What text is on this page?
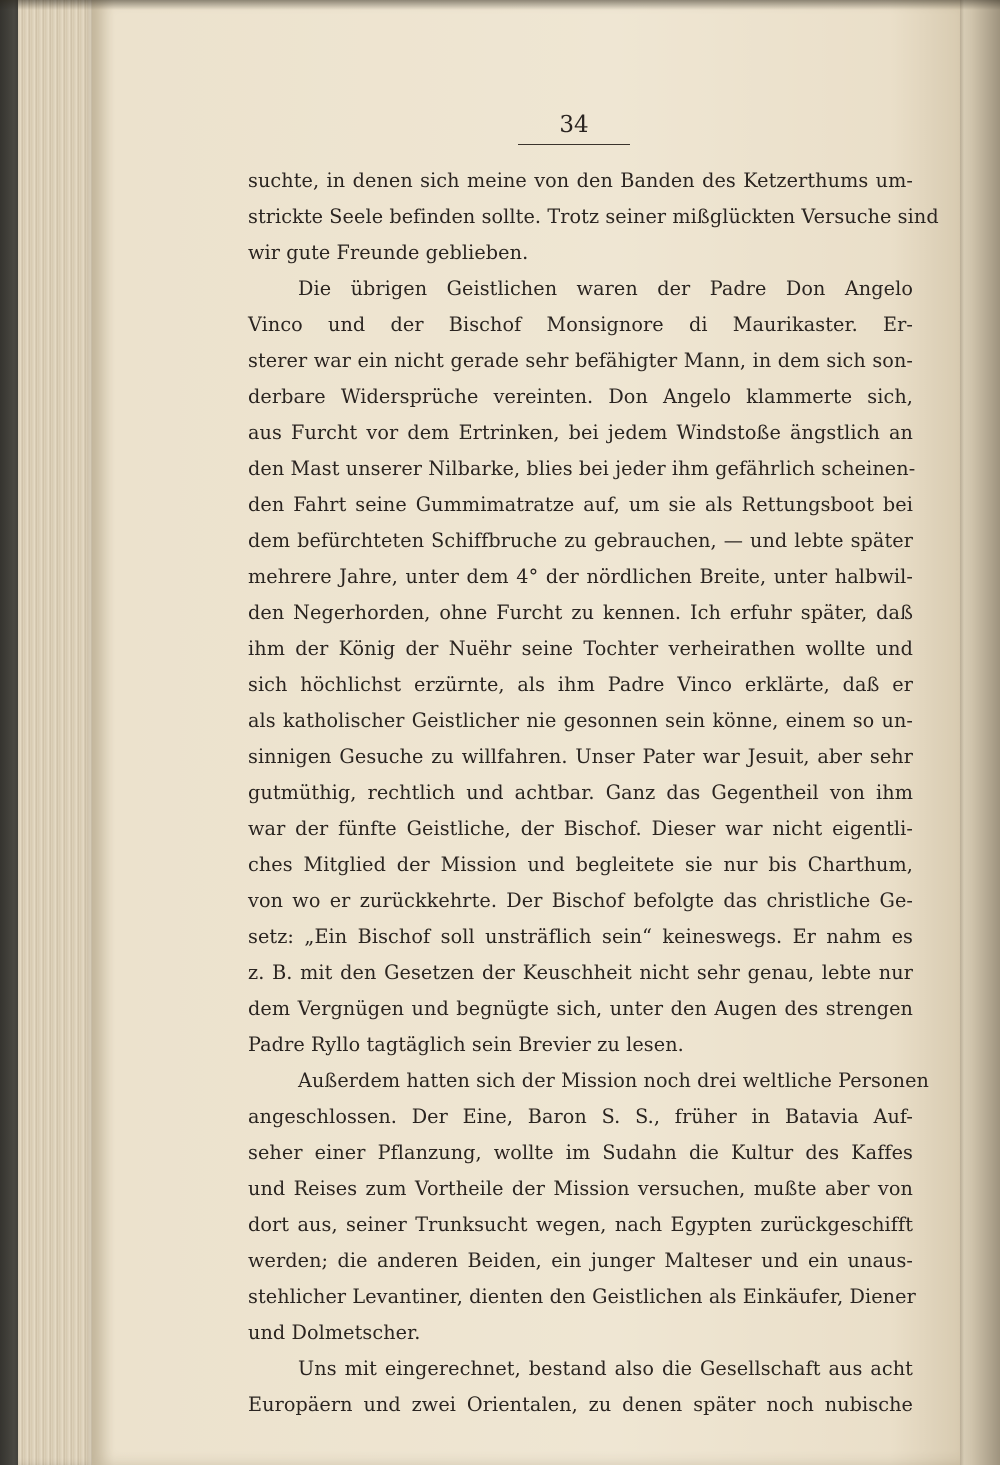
34
suchte, in denen sich meine von den Banden des Ketzerthums um-
strickte Seele befinden sollte. Trotz seiner mißglückten Versuche sind
wir gute Freunde geblieben.
Die übrigen Geistlichen waren der Padre Don Angelo
Vinco und der Bischof Monsignore di Maurikaster. Er-
sterer war ein nicht gerade sehr befähigter Mann, in dem sich son-
derbare Widersprüche vereinten. Don Angelo klammerte sich,
aus Furcht vor dem Ertrinken, bei jedem Windstoße ängstlich an
den Mast unserer Nilbarke, blies bei jeder ihm gefährlich scheinen-
den Fahrt seine Gummimatratze auf, um sie als Rettungsboot bei
dem befürchteten Schiffbruche zu gebrauchen, — und lebte später
mehrere Jahre, unter dem 4° der nördlichen Breite, unter halbwil-
den Negerhorden, ohne Furcht zu kennen. Ich erfuhr später, daß
ihm der König der Nuëhr seine Tochter verheirathen wollte und
sich höchlichst erzürnte, als ihm Padre Vinco erklärte, daß er
als katholischer Geistlicher nie gesonnen sein könne, einem so un-
sinnigen Gesuche zu willfahren. Unser Pater war Jesuit, aber sehr
gutmüthig, rechtlich und achtbar. Ganz das Gegentheil von ihm
war der fünfte Geistliche, der Bischof. Dieser war nicht eigentli-
ches Mitglied der Mission und begleitete sie nur bis Charthum,
von wo er zurückkehrte. Der Bischof befolgte das christliche Ge-
setz: „Ein Bischof soll unsträflich sein“ keineswegs. Er nahm es
z. B. mit den Gesetzen der Keuschheit nicht sehr genau, lebte nur
dem Vergnügen und begnügte sich, unter den Augen des strengen
Padre Ryllo tagtäglich sein Brevier zu lesen.
Außerdem hatten sich der Mission noch drei weltliche Personen
angeschlossen. Der Eine, Baron S. S., früher in Batavia Auf-
seher einer Pflanzung, wollte im Sudahn die Kultur des Kaffes
und Reises zum Vortheile der Mission versuchen, mußte aber von
dort aus, seiner Trunksucht wegen, nach Egypten zurückgeschifft
werden; die anderen Beiden, ein junger Malteser und ein unaus-
stehlicher Levantiner, dienten den Geistlichen als Einkäufer, Diener
und Dolmetscher.
Uns mit eingerechnet, bestand also die Gesellschaft aus acht
Europäern und zwei Orientalen, zu denen später noch nubische
